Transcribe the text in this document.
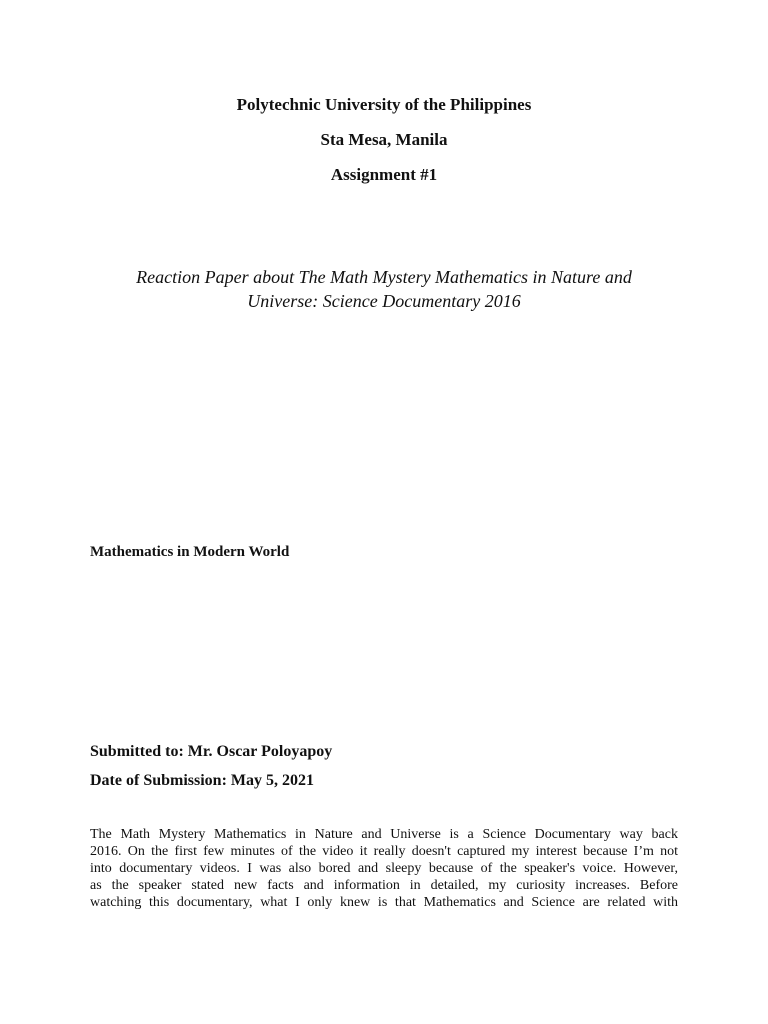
Polytechnic University of the Philippines
Sta Mesa, Manila
Assignment #1
Reaction Paper about The Math Mystery Mathematics in Nature and
Universe: Science Documentary 2016
Mathematics in Modern World
Submitted to: Mr. Oscar Poloyapoy
Date of Submission: May 5, 2021
The Math Mystery Mathematics in Nature and Universe is a Science Documentary way back
2016. On the first few minutes of the video it really doesn't captured my interest because I’m not
into documentary videos. I was also bored and sleepy because of the speaker's voice. However,
as the speaker stated new facts and information in detailed, my curiosity increases. Before
watching this documentary, what I only knew is that Mathematics and Science are related with
